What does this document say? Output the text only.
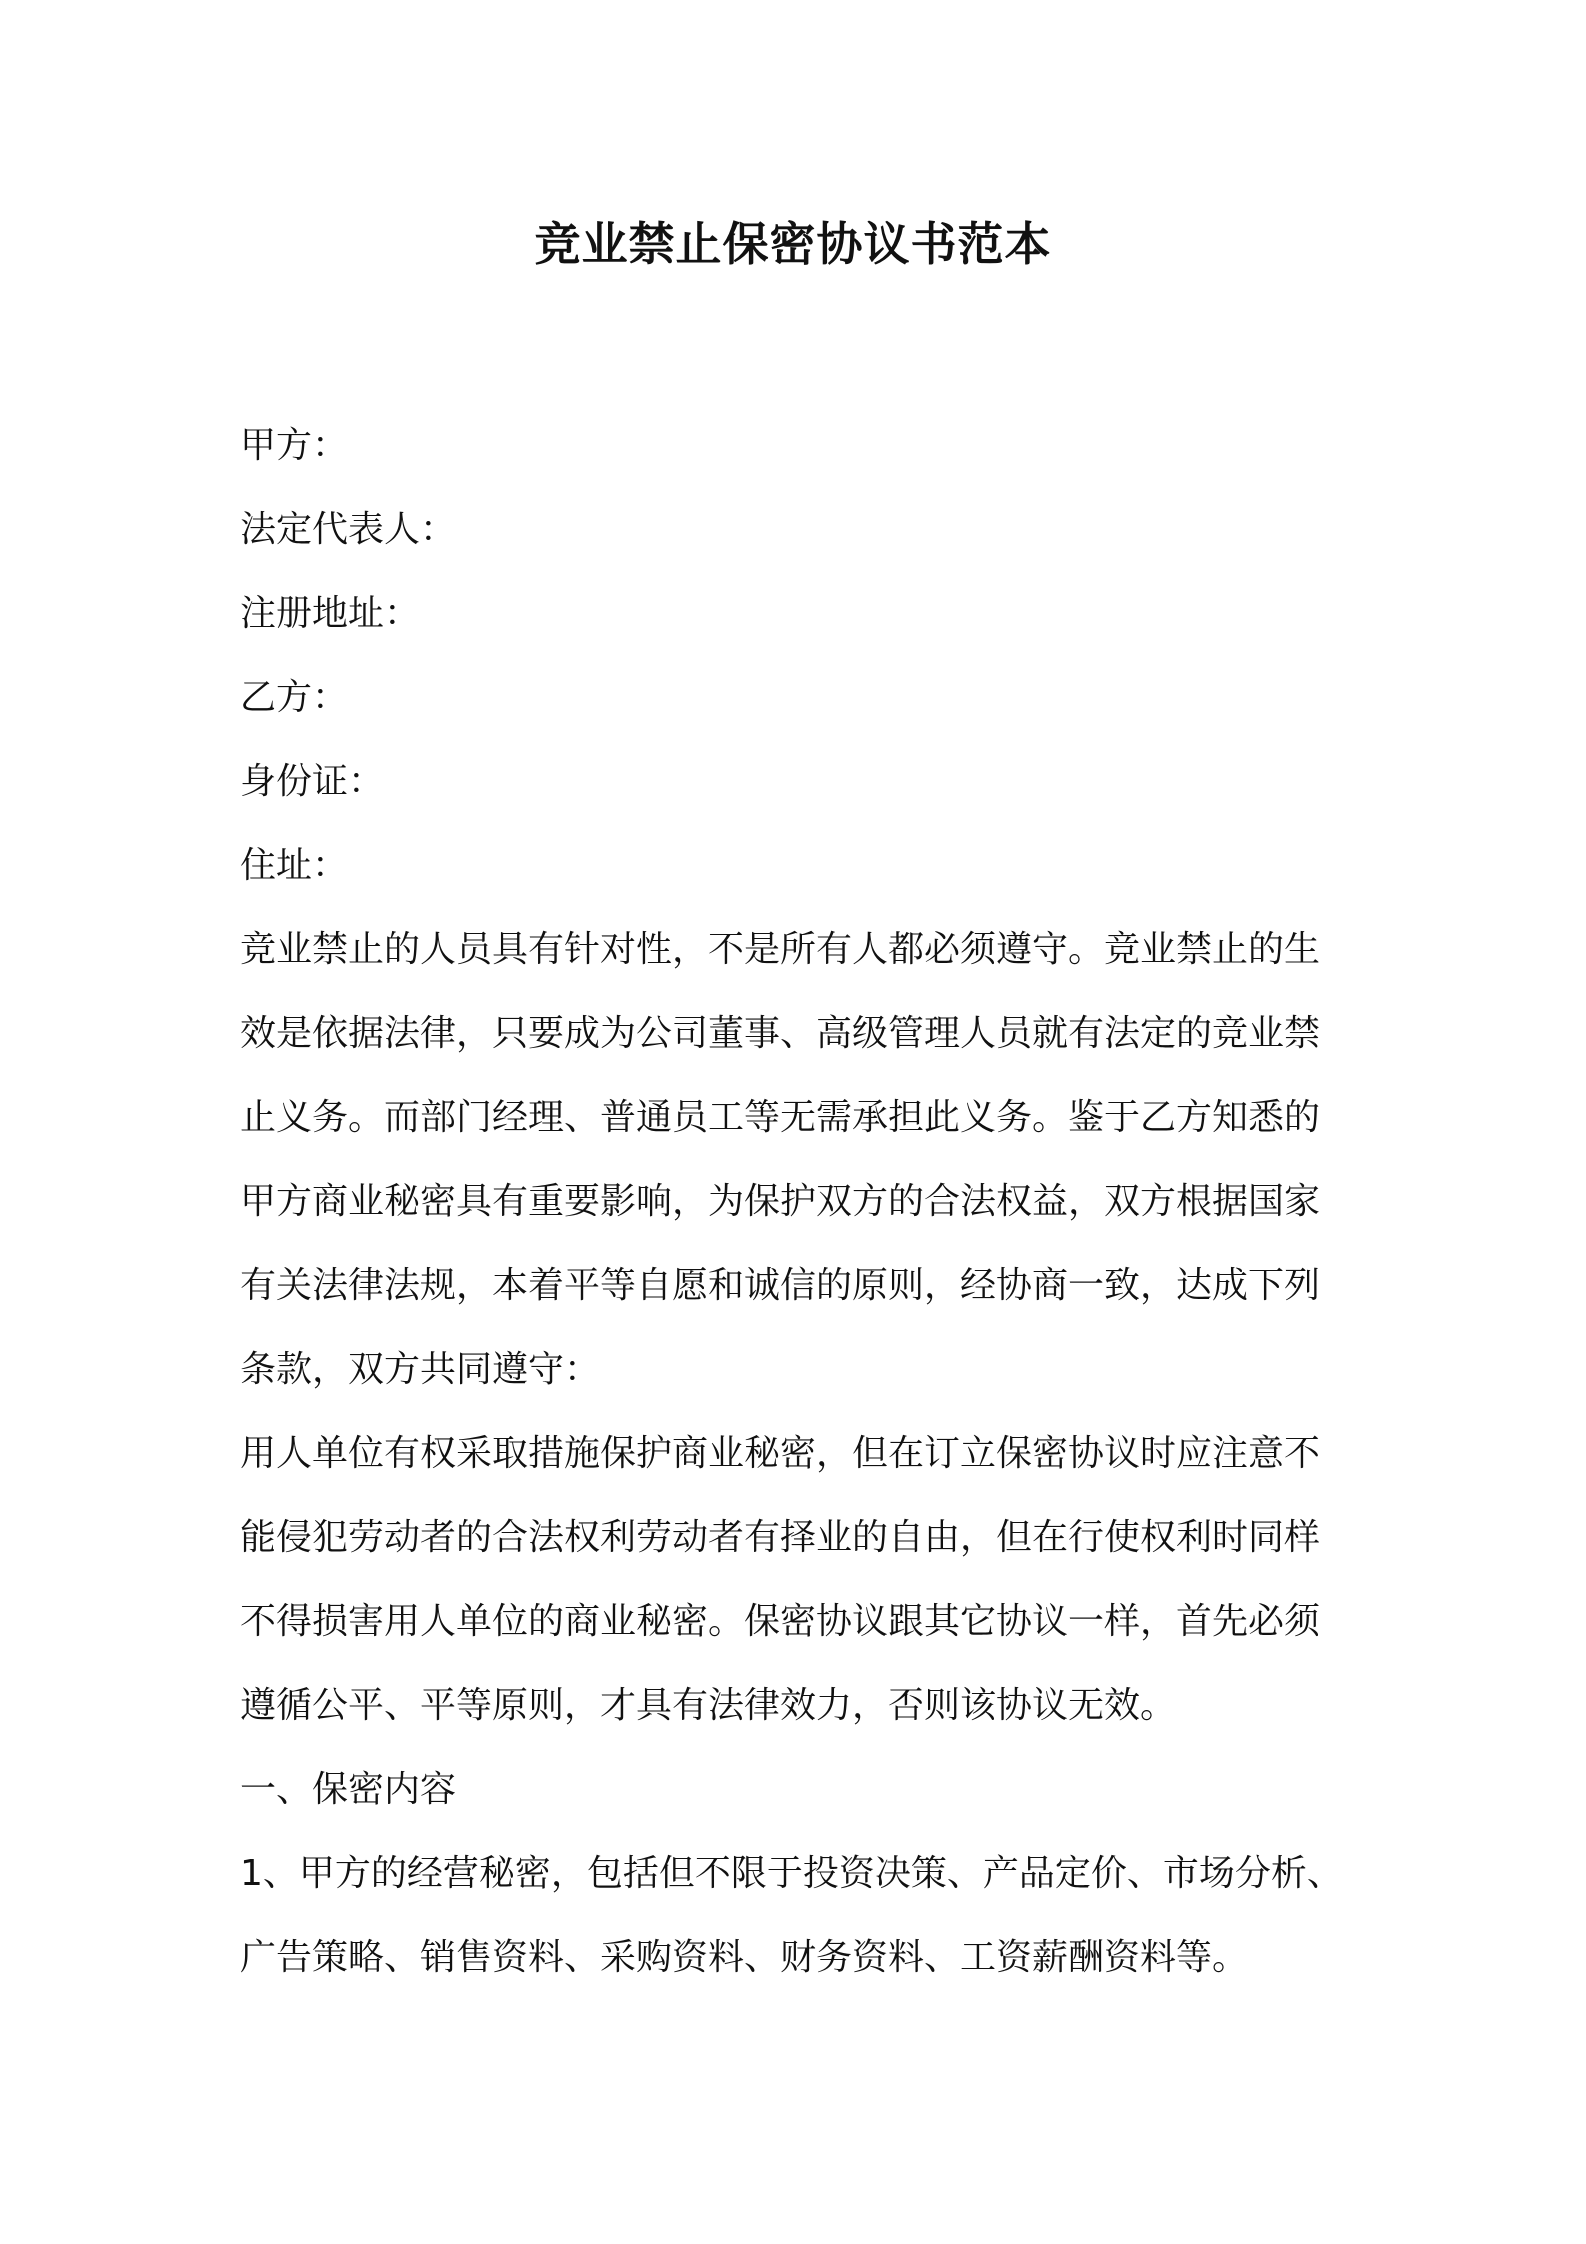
竞业禁止保密协议书范本
甲方：
法定代表人：
注册地址：
乙方：
身份证：
住址：
竞业禁止的人员具有针对性，不是所有人都必须遵守。竞业禁止的生
效是依据法律，只要成为公司董事、高级管理人员就有法定的竞业禁
止义务。而部门经理、普通员工等无需承担此义务。鉴于乙方知悉的
甲方商业秘密具有重要影响，为保护双方的合法权益，双方根据国家
有关法律法规，本着平等自愿和诚信的原则，经协商一致，达成下列
条款，双方共同遵守：
用人单位有权采取措施保护商业秘密，但在订立保密协议时应注意不
能侵犯劳动者的合法权利劳动者有择业的自由，但在行使权利时同样
不得损害用人单位的商业秘密。保密协议跟其它协议一样，首先必须
遵循公平、平等原则，才具有法律效力，否则该协议无效。
一、保密内容
1、甲方的经营秘密，包括但不限于投资决策、产品定价、市场分析、
广告策略、销售资料、采购资料、财务资料、工资薪酬资料等。
